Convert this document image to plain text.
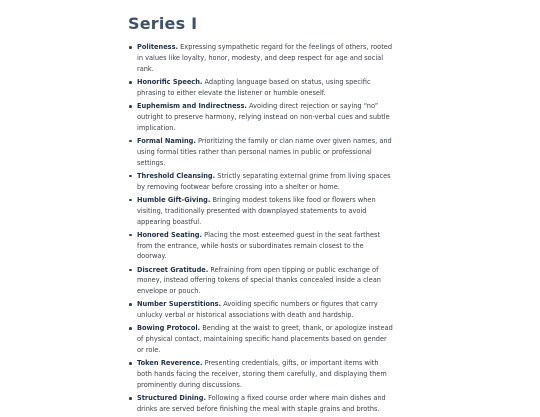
Series I
Politeness. Expressing sympathetic regard for the feelings of others, rooted in values like loyalty, honor, modesty, and deep respect for age and social rank.
Honorific Speech. Adapting language based on status, using specific phrasing to either elevate the listener or humble oneself.
Euphemism and Indirectness. Avoiding direct rejection or saying “no” outright to preserve harmony, relying instead on non-verbal cues and subtle implication.
Formal Naming. Prioritizing the family or clan name over given names, and using formal titles rather than personal names in public or professional settings.
Threshold Cleansing. Strictly separating external grime from living spaces by removing footwear before crossing into a shelter or home.
Humble Gift-Giving. Bringing modest tokens like food or flowers when visiting, traditionally presented with downplayed statements to avoid appearing boastful.
Honored Seating. Placing the most esteemed guest in the seat farthest from the entrance, while hosts or subordinates remain closest to the doorway.
Discreet Gratitude. Refraining from open tipping or public exchange of money, instead offering tokens of special thanks concealed inside a clean envelope or pouch.
Number Superstitions. Avoiding specific numbers or figures that carry unlucky verbal or historical associations with death and hardship.
Bowing Protocol. Bending at the waist to greet, thank, or apologize instead of physical contact, maintaining specific hand placements based on gender or role.
Token Reverence. Presenting credentials, gifts, or important items with both hands facing the receiver, storing them carefully, and displaying them prominently during discussions.
Structured Dining. Following a fixed course order where main dishes and drinks are served before finishing the meal with staple grains and broths.
